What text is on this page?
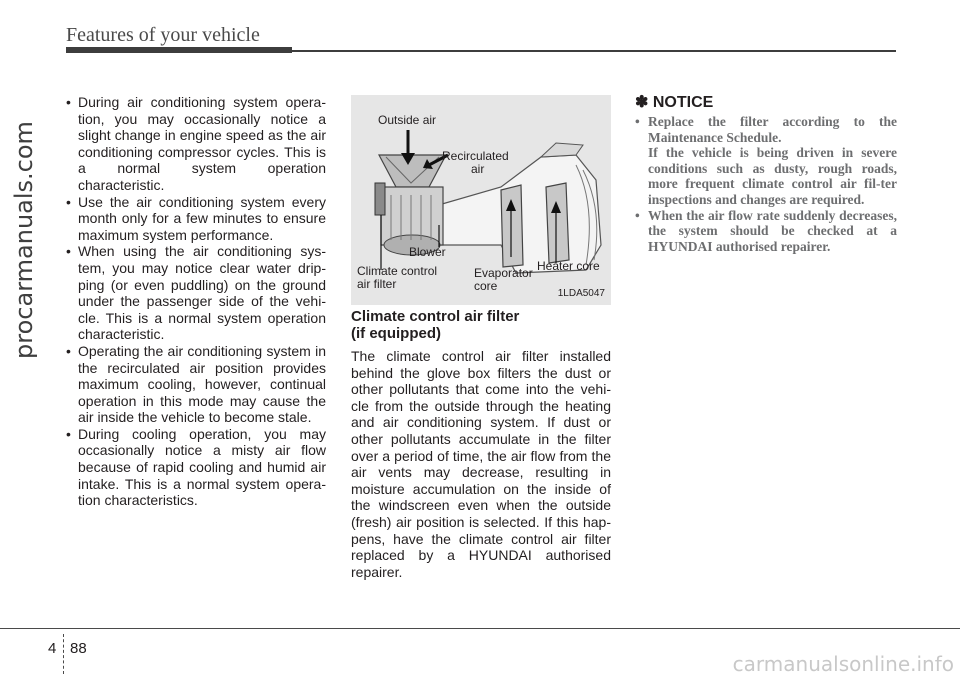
Features of your vehicle
procarmanuals.com
• During air conditioning system opera-tion, you may occasionally notice a slight change in engine speed as the air conditioning compressor cycles. This is a normal system operation characteristic.
• Use the air conditioning system every month only for a few minutes to ensure maximum system performance.
• When using the air conditioning sys-tem, you may notice clear water drip-ping (or even puddling) on the ground under the passenger side of the vehi-cle. This is a normal system operation characteristic.
• Operating the air conditioning system in the recirculated air position provides maximum cooling, however, continual operation in this mode may cause the air inside the vehicle to become stale.
• During cooling operation, you may occasionally notice a misty air flow because of rapid cooling and humid air intake. This is a normal system opera-tion characteristics.
Outside air
Recirculated
air
Blower
Climate control
air filter
Evaporator
core
Heater core
1LDA5047
Climate control air filter
(if equipped)

The climate control air filter installed behind the glove box filters the dust or other pollutants that come into the vehi-cle from the outside through the heating and air conditioning system. If dust or other pollutants accumulate in the filter over a period of time, the air flow from the air vents may decrease, resulting in moisture accumulation on the inside of the windscreen even when the outside (fresh) air position is selected. If this hap-pens, have the climate control air filter replaced by a HYUNDAI authorised repairer.

✽ NOTICE
• Replace the filter according to the Maintenance Schedule.
If the vehicle is being driven in severe conditions such as dusty, rough roads, more frequent climate control air fil-ter inspections and changes are required.
• When the air flow rate suddenly decreases, the system should be checked at a HYUNDAI authorised repairer.
4 88
carmanualsonline.info
